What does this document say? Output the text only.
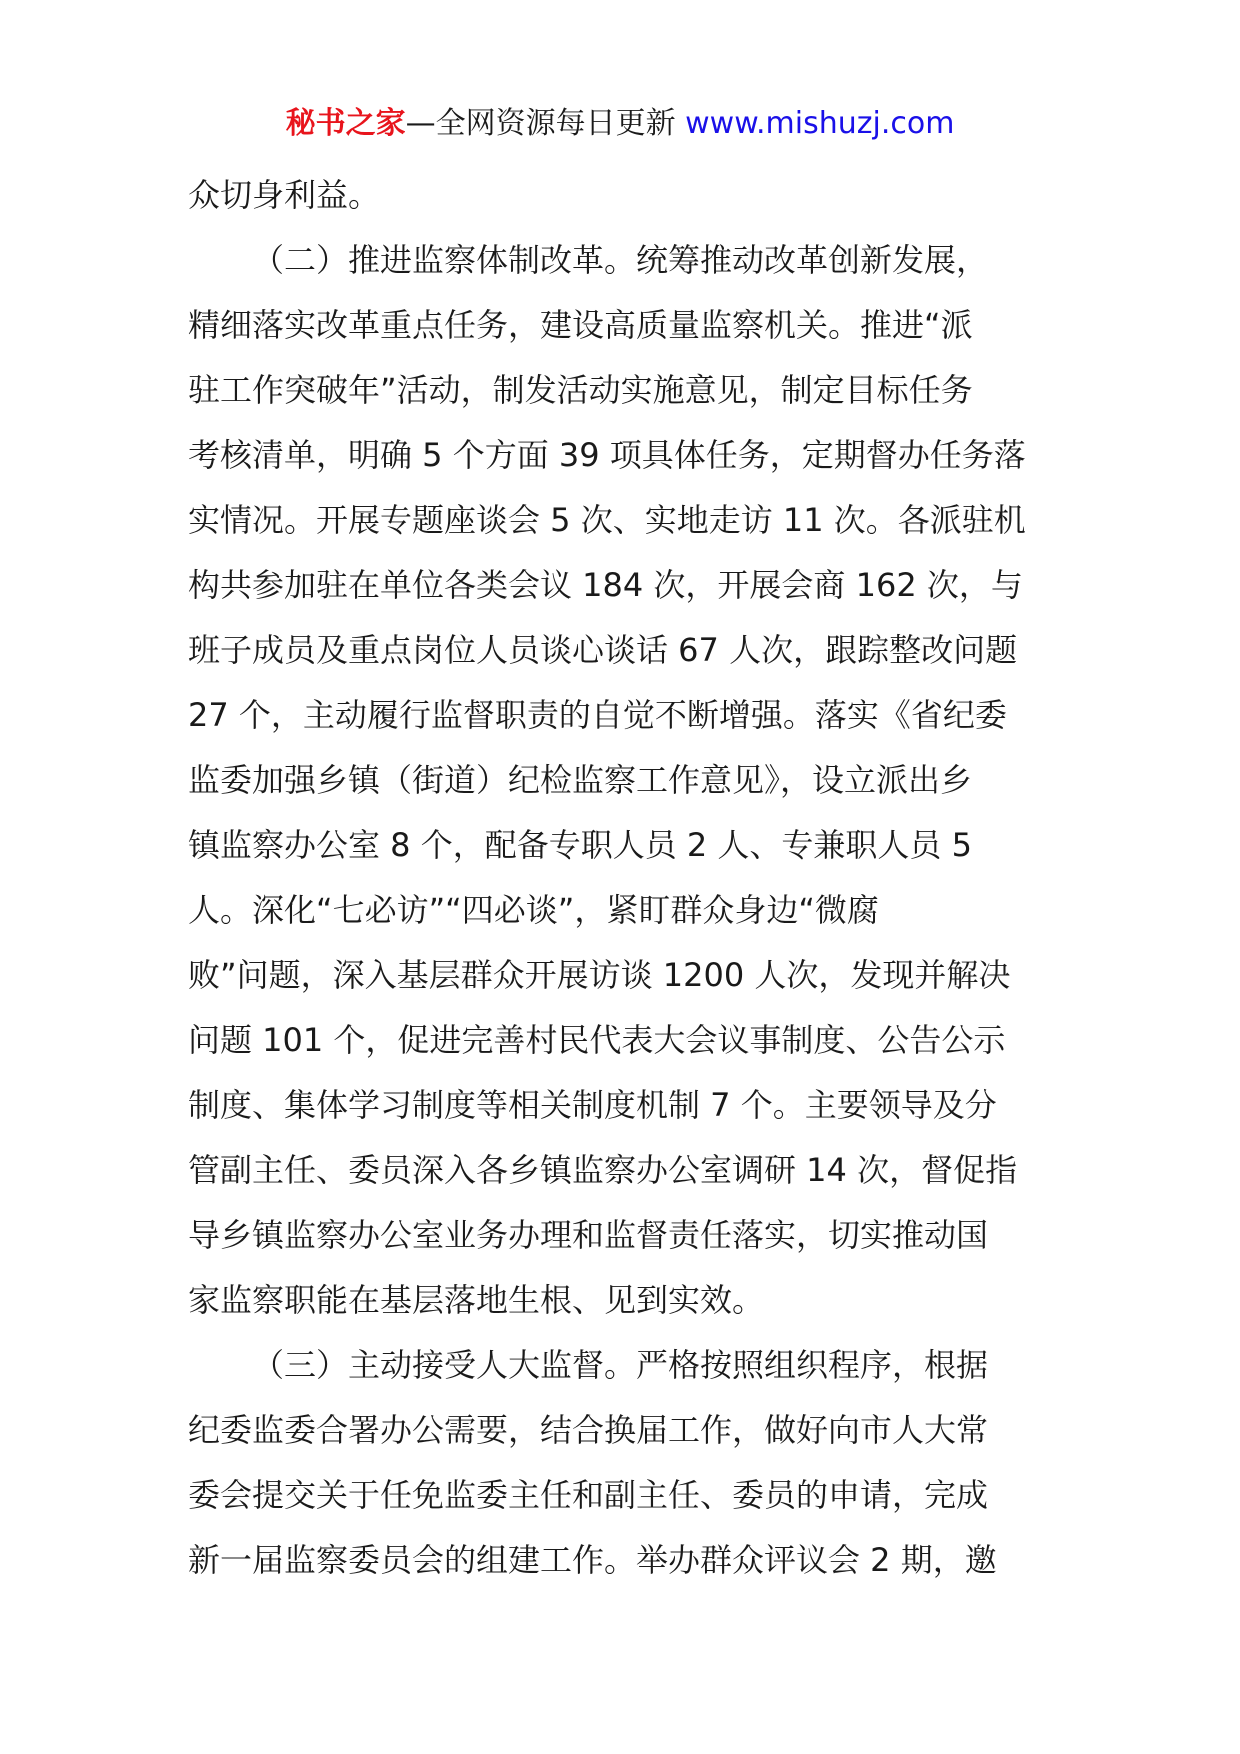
秘书之家—全网资源每日更新 www.mishuzj.com
众切身利益。
（二）推进监察体制改革。统筹推动改革创新发展，
精细落实改革重点任务，建设高质量监察机关。推进“派
驻工作突破年”活动，制发活动实施意见，制定目标任务
考核清单，明确 5 个方面 39 项具体任务，定期督办任务落
实情况。开展专题座谈会 5 次、实地走访 11 次。各派驻机
构共参加驻在单位各类会议 184 次，开展会商 162 次，与
班子成员及重点岗位人员谈心谈话 67 人次，跟踪整改问题
27 个，主动履行监督职责的自觉不断增强。落实《省纪委
监委加强乡镇（街道）纪检监察工作意见》，设立派出乡
镇监察办公室 8 个，配备专职人员 2 人、专兼职人员 5
人。深化“七必访”“四必谈”，紧盯群众身边“微腐
败”问题，深入基层群众开展访谈 1200 人次，发现并解决
问题 101 个，促进完善村民代表大会议事制度、公告公示
制度、集体学习制度等相关制度机制 7 个。主要领导及分
管副主任、委员深入各乡镇监察办公室调研 14 次，督促指
导乡镇监察办公室业务办理和监督责任落实，切实推动国
家监察职能在基层落地生根、见到实效。
（三）主动接受人大监督。严格按照组织程序，根据
纪委监委合署办公需要，结合换届工作，做好向市人大常
委会提交关于任免监委主任和副主任、委员的申请，完成
新一届监察委员会的组建工作。举办群众评议会 2 期，邀
